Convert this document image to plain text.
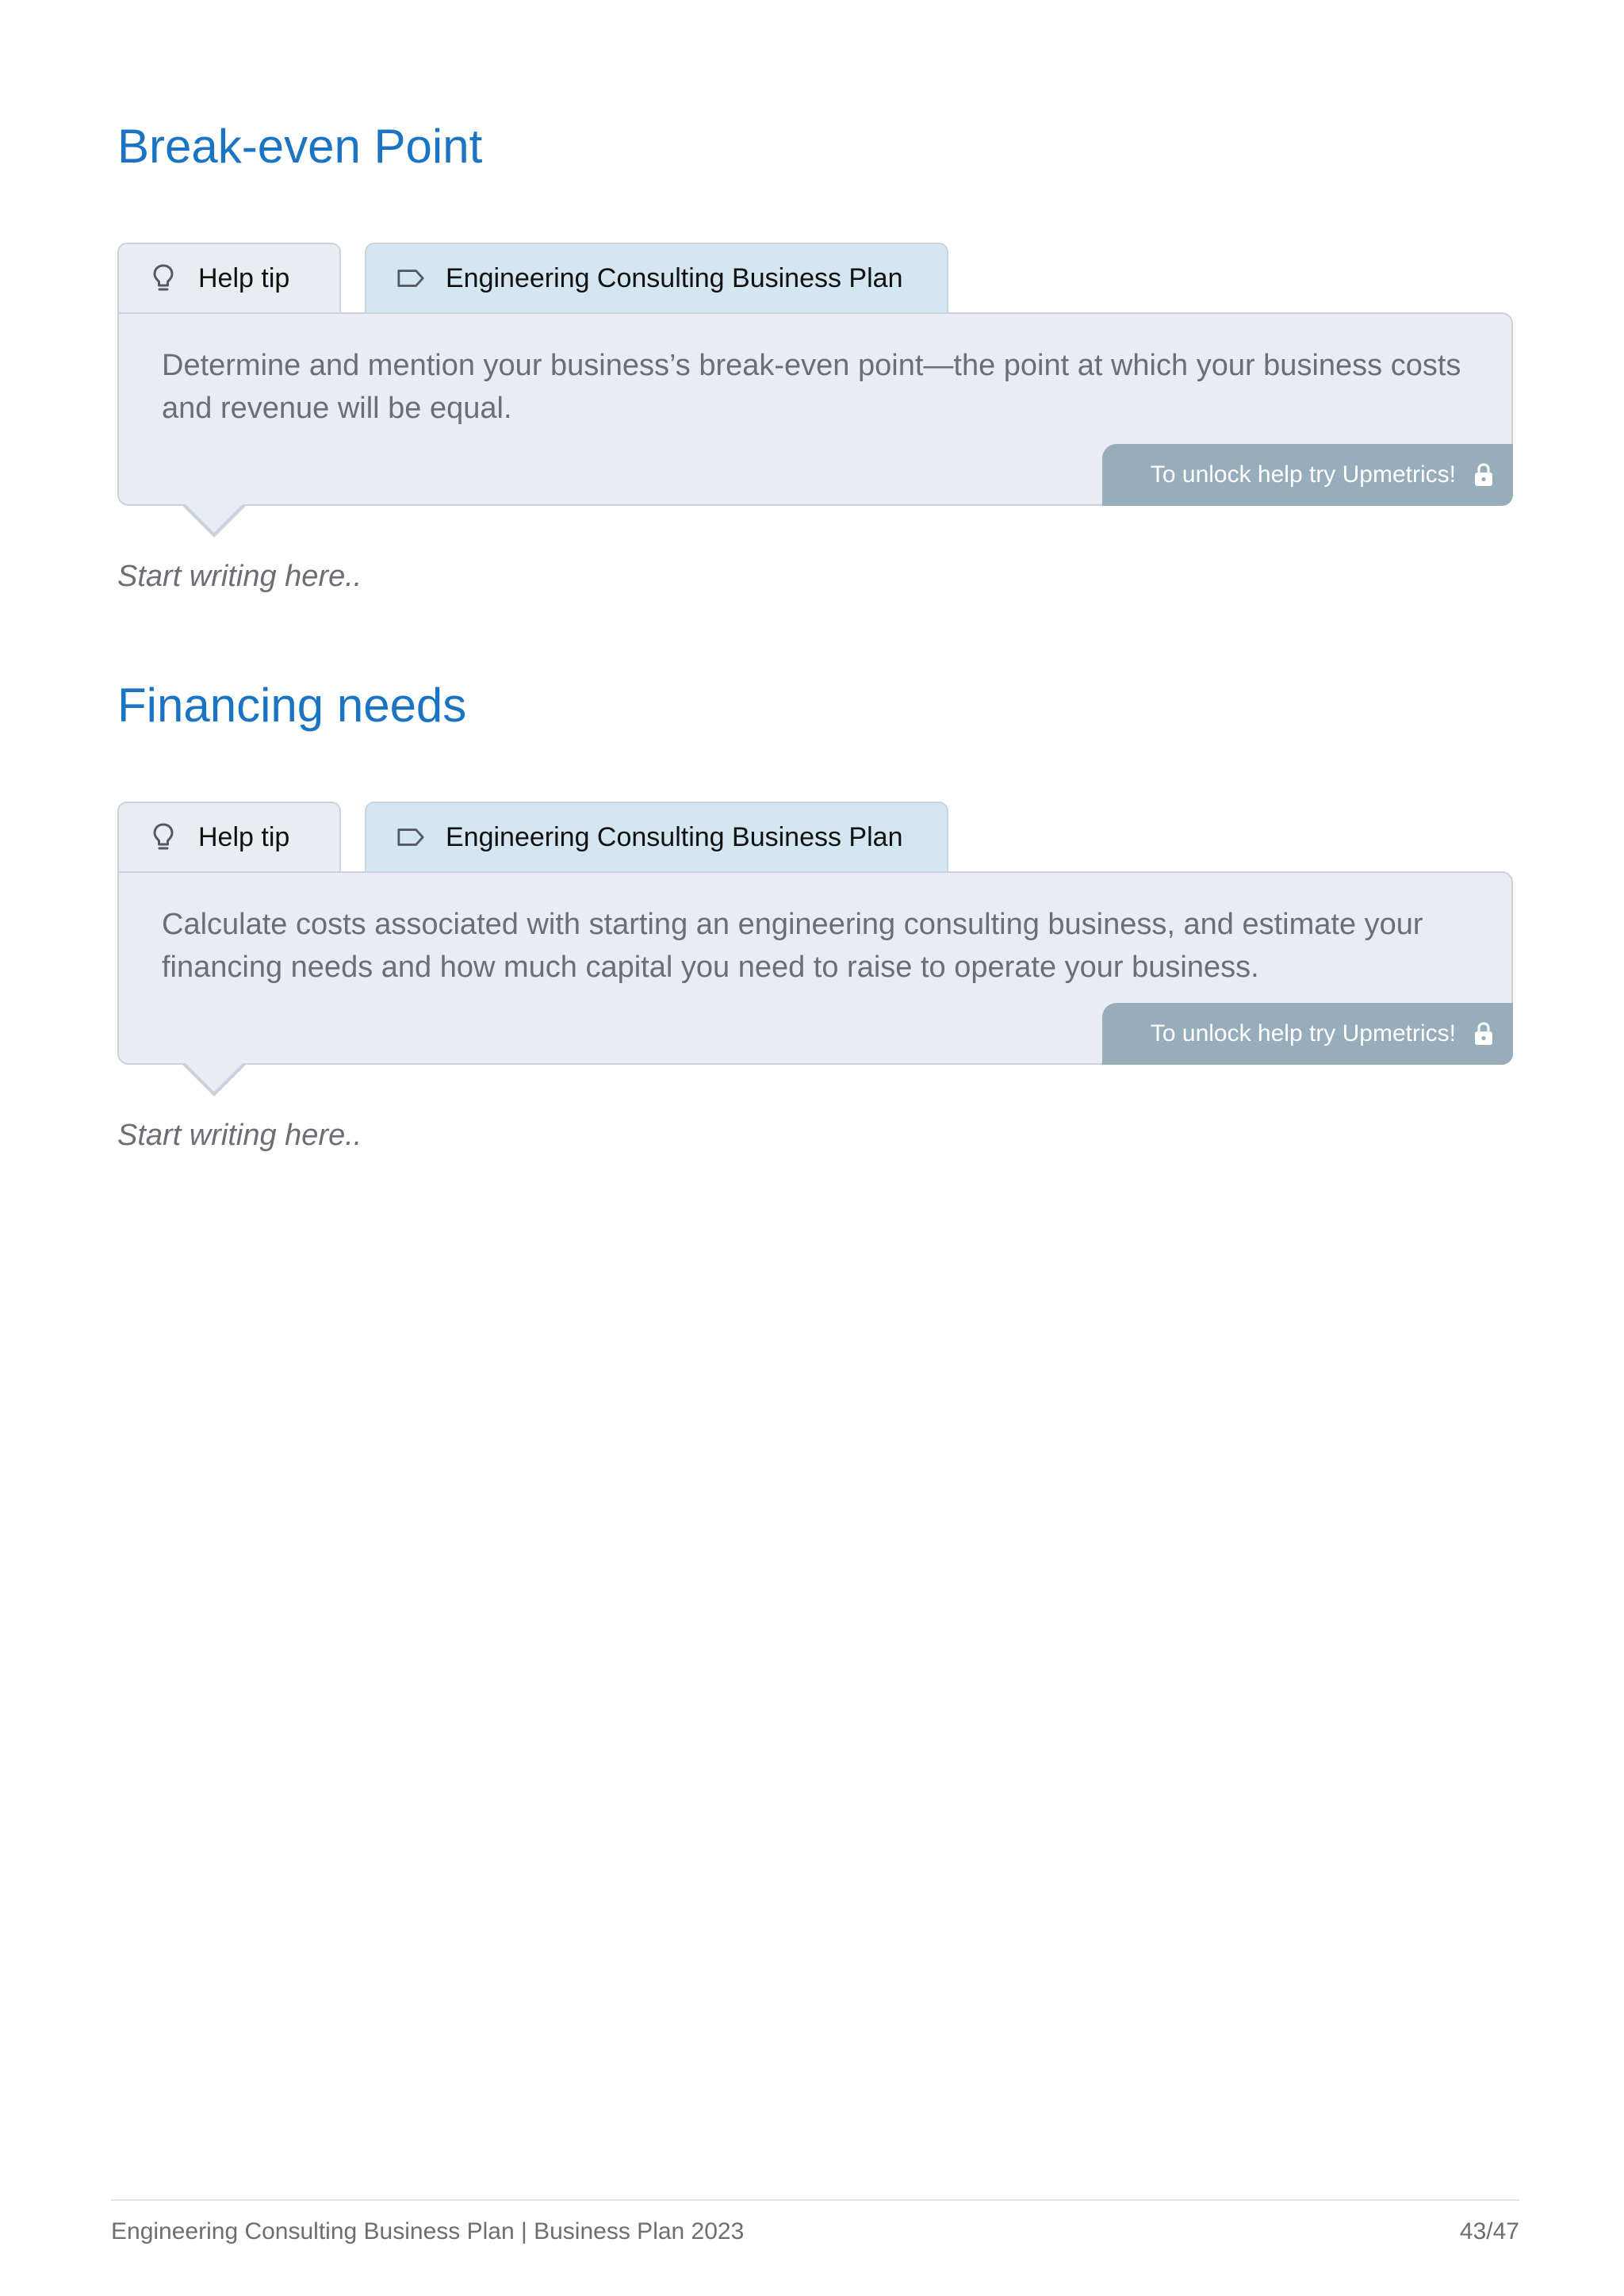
Break-even Point
Help tip	Engineering Consulting Business Plan

Determine and mention your business’s break-even point—the point at which your business costs and revenue will be equal.

To unlock help try Upmetrics!

Start writing here..

Financing needs
Help tip	Engineering Consulting Business Plan

Calculate costs associated with starting an engineering consulting business, and estimate your financing needs and how much capital you need to raise to operate your business.

To unlock help try Upmetrics!

Start writing here..

Engineering Consulting Business Plan | Business Plan 2023	43/47
